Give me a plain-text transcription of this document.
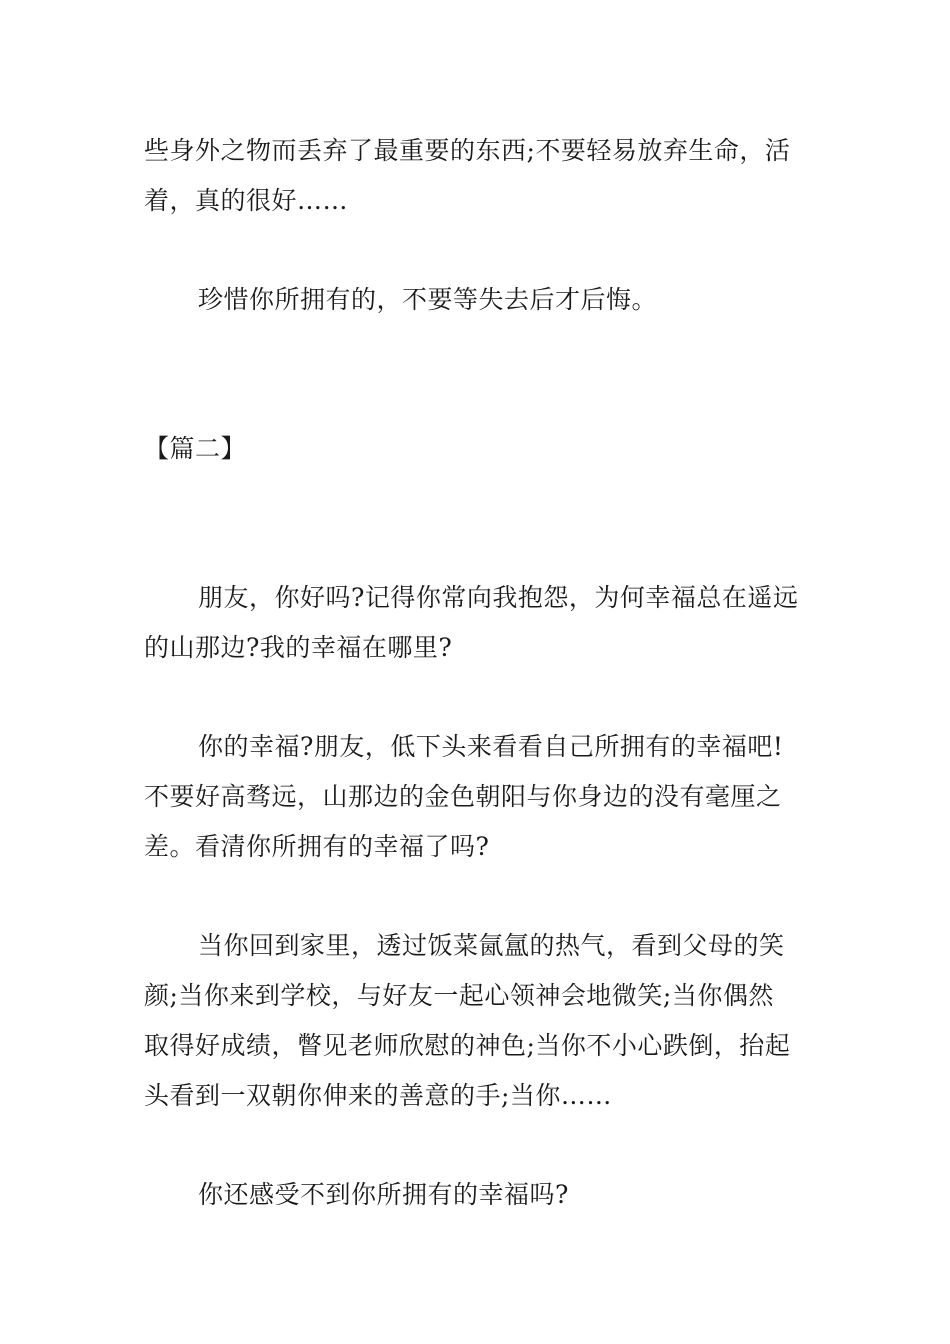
些身外之物而丢弃了最重要的东西;不要轻易放弃生命，活
着，真的很好……
珍惜你所拥有的，不要等失去后才后悔。
【篇二】
朋友，你好吗?记得你常向我抱怨，为何幸福总在遥远
的山那边?我的幸福在哪里?
你的幸福?朋友，低下头来看看自己所拥有的幸福吧!
不要好高骛远，山那边的金色朝阳与你身边的没有毫厘之
差。看清你所拥有的幸福了吗?
当你回到家里，透过饭菜氤氲的热气，看到父母的笑
颜;当你来到学校，与好友一起心领神会地微笑;当你偶然
取得好成绩，瞥见老师欣慰的神色;当你不小心跌倒，抬起
头看到一双朝你伸来的善意的手;当你……
你还感受不到你所拥有的幸福吗?
